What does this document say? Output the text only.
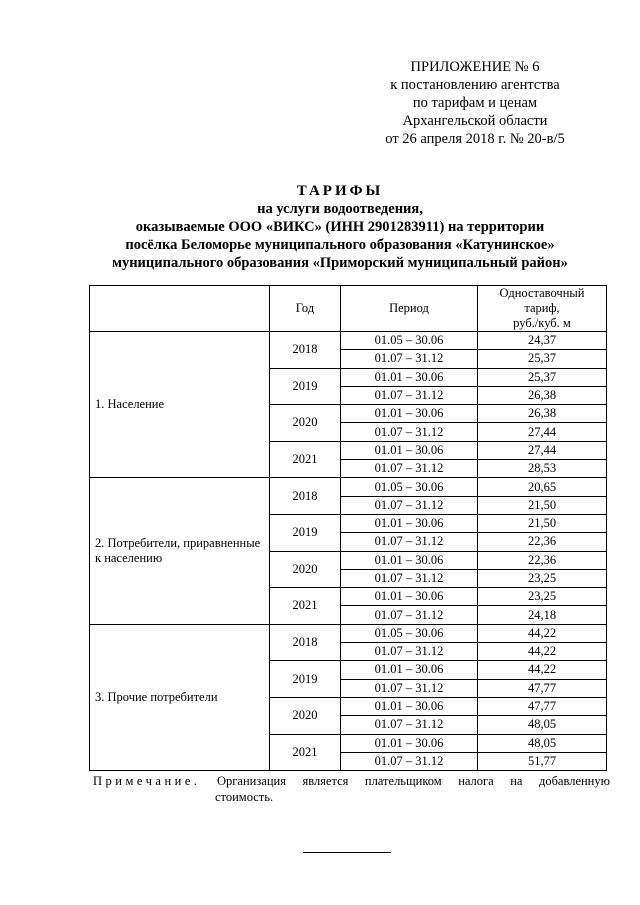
ПРИЛОЖЕНИЕ № 6
к постановлению агентства
по тарифам и ценам
Архангельской области
от 26 апреля 2018 г. № 20-в/5
ТАРИФЫ
на услуги водоотведения,
оказываемые ООО «ВИКС» (ИНН 2901283911) на территории
посёлка Беломорье муниципального образования «Катунинское»
муниципального образования «Приморский муниципальный район»
	Год	Период	Одноставочный тариф,
руб./куб. м
1. Население	2018	01.05 – 30.06	24,37
		01.07 – 31.12	25,37
	2019	01.01 – 30.06	25,37
		01.07 – 31.12	26,38
	2020	01.01 – 30.06	26,38
		01.07 – 31.12	27,44
	2021	01.01 – 30.06	27,44
		01.07 – 31.12	28,53
2. Потребители, приравненные к населению	2018	01.05 – 30.06	20,65
		01.07 – 31.12	21,50
	2019	01.01 – 30.06	21,50
		01.07 – 31.12	22,36
	2020	01.01 – 30.06	22,36
		01.07 – 31.12	23,25
	2021	01.01 – 30.06	23,25
		01.07 – 31.12	24,18
3. Прочие потребители	2018	01.05 – 30.06	44,22
		01.07 – 31.12	44,22
	2019	01.01 – 30.06	44,22
		01.07 – 31.12	47,77
	2020	01.01 – 30.06	47,77
		01.07 – 31.12	48,05
	2021	01.01 – 30.06	48,05
		01.07 – 31.12	51,77
Примечание. Организация является плательщиком налога на добавленную
стоимость.
